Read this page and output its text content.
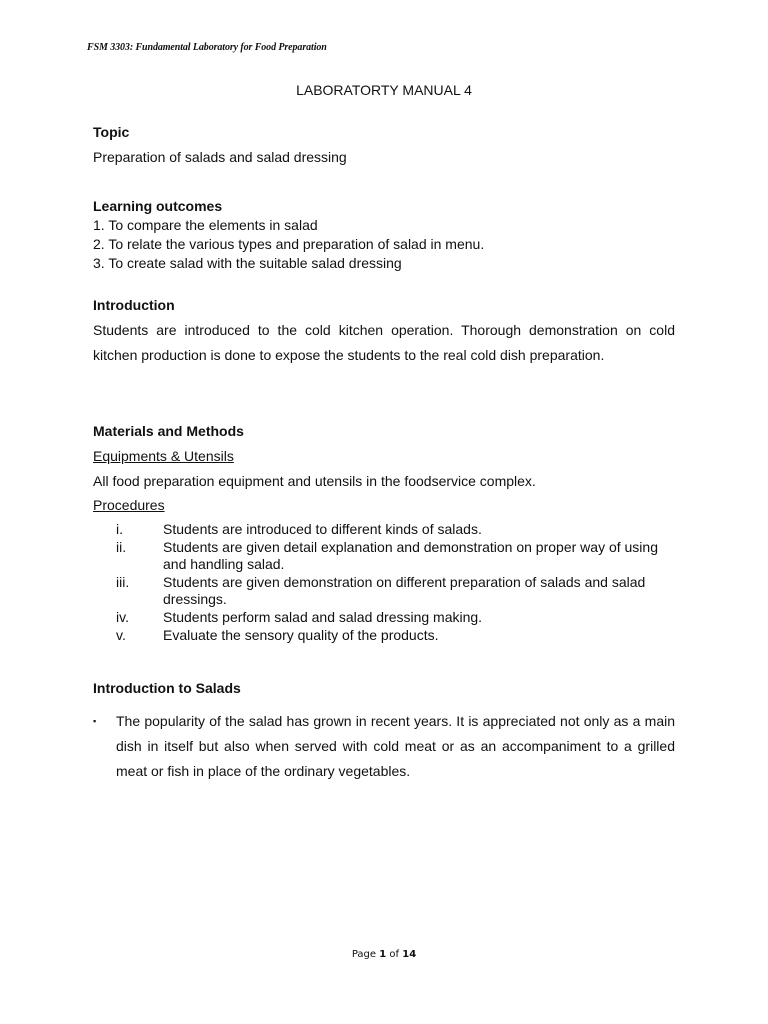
FSM 3303: Fundamental Laboratory for Food Preparation
LABORATORTY MANUAL 4
Topic
Preparation of salads and salad dressing
Learning outcomes
1. To compare the elements in salad
2. To relate the various types and preparation of salad in menu.
3. To create salad with the suitable salad dressing
Introduction
Students are introduced to the cold kitchen operation. Thorough demonstration on cold kitchen production is done to expose the students to the real cold dish preparation.
Materials and Methods
Equipments & Utensils
All food preparation equipment and utensils in the foodservice complex.
Procedures
i.	Students are introduced to different kinds of salads.
ii.	Students are given detail explanation and demonstration on proper way of using and handling salad.
iii.	Students are given demonstration on different preparation of salads and salad dressings.
iv.	Students perform salad and salad dressing making.
v.	Evaluate the sensory quality of the products.
Introduction to Salads
▪	The popularity of the salad has grown in recent years. It is appreciated not only as a main dish in itself but also when served with cold meat or as an accompaniment to a grilled meat or fish in place of the ordinary vegetables.
Page 1 of 14
